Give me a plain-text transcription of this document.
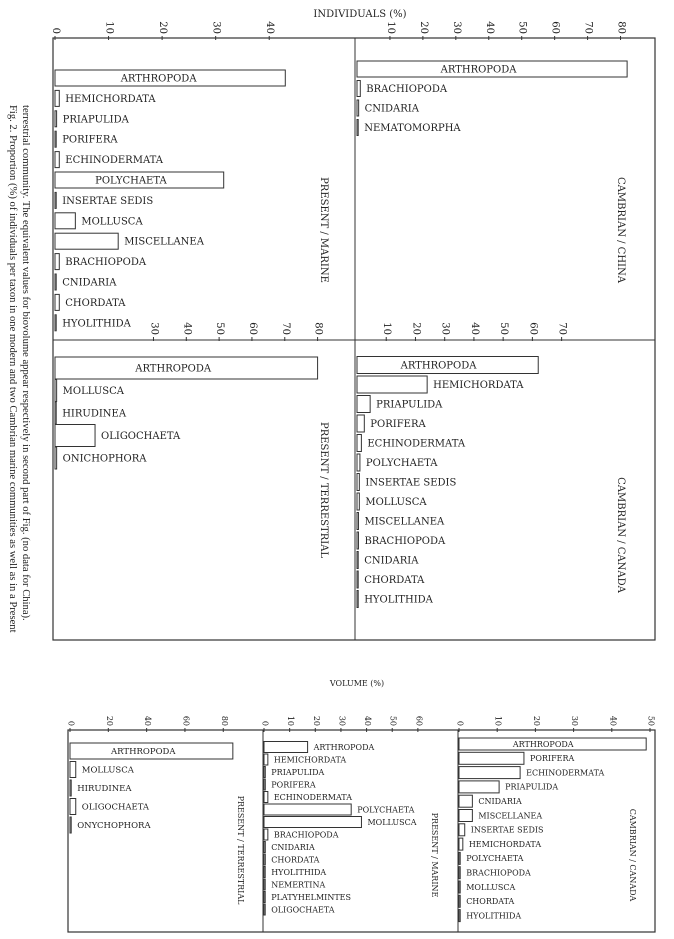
INDIVIDUALS (%)
VOLUME (%)
Fig. 2. Proportion (%) of individuals per taxon in one modern and two Cambrian marine communities as well as in a Present terrestrial community. The equivalent values for biovolume appear respectively in second part of Fig. (no data for China).
0	10	20	30	40
ARTHROPODA
HEMICHORDATA
PRIAPULIDA
PORIFERA
ECHINODERMATA
POLYCHAETA
INSERTAE SEDIS
MOLLUSCA
MISCELLANEA
BRACHIOPODA
CNIDARIA
CHORDATA
HYOLITHIDA
PRESENT / MARINE
10 20 30 40 50 60 70 80
ARTHROPODA
BRACHIOPODA
CNIDARIA
NEMATOMORPHA
CAMBRIAN / CHINA
30 40 50 60 70 80
ARTHROPODA
MOLLUSCA
HIRUDINEA
OLIGOCHAETA
ONICHOPHORA	PRESENT / TERRESTRIAL
10 20 30 40 50 60 70
ARTHROPODA
HEMICHORDATA
PRIAPULIDA
PORIFERA
ECHINODERMATA
POLYCHAETA
INSERTAE SEDIS
MOLLUSCA
MISCELLANEA
BRACHIOPODA
CNIDARIA
CHORDATA
HYOLITHIDA
CAMBRIAN / CANADA
0	20	40	60	80
ARTHROPODA
MOLLUSCA
HIRUDINEA
OLIGOCHAETA
ONYCHOPHORA	PRESENT / TERRESTRIAL
0 10 20 30 40 50 60
ARTHROPODA
HEMICHORDATA
PRIAPULIDA
PORIFERA
ECHINODERMATA
POLYCHAETA
MOLLUSCA
BRACHIOPODA
CNIDARIA
CHORDATA
HYOLITHIDA
NEMERTINA
PLATYHELMINTES
OLIGOCHAETA
PRESENT / MARINE
0	10	20	30	40	50
ARTHROPODA
PORIFERA
ECHINODERMATA
PRIAPULIDA
CNIDARIA
MISCELLANEA
INSERTAE SEDIS
HEMICHORDATA
POLYCHAETA
BRACHIOPODA
MOLLUSCA
CHORDATA
HYOLITHIDA
CAMBRIAN / CANADA
